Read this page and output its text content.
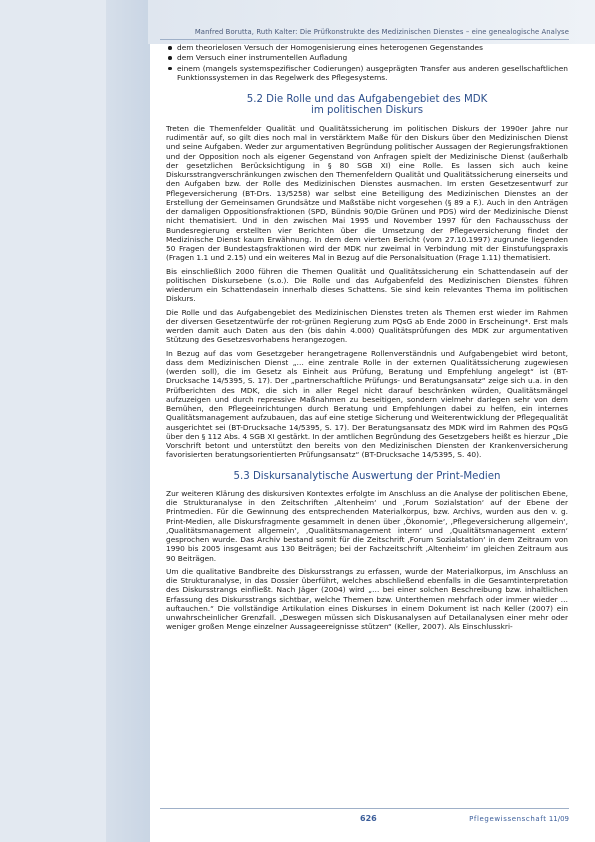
Manfred Borutta, Ruth Kalter: Die Prüfkonstrukte des Medizinischen Dienstes – eine genealogische Analyse
dem theorielosen Versuch der Homogenisierung eines heterogenen Gegenstandes
dem Versuch einer instrumentellen Aufladung
einem (mangels systemspezifischer Codierungen) ausgeprägten Transfer aus anderen gesellschaftlichen Funktionssystemen in das Regelwerk des Pflegesystems.
5.2 Die Rolle und das Aufgabengebiet des MDK
im politischen Diskurs

Treten die Themenfelder Qualität und Qualitätssicherung im politischen Diskurs der 1990er Jahre nur rudimentär auf, so gilt dies noch mal in verstärktem Maße für den Diskurs über den Medizinischen Dienst und seine Aufgaben. Weder zur argumentativen Begründung politischer Aussagen der Regierungsfraktionen und der Opposition noch als eigener Gegenstand von Anfragen spielt der Medizinische Dienst (außerhalb der gesetzlichen Berücksichtigung in § 80 SGB XI) eine Rolle. Es lassen sich auch keine Diskursstrangverschränkungen zwischen den Themenfeldern Qualität und Qualitätssicherung einerseits und den Aufgaben bzw. der Rolle des Medizinischen Dienstes ausmachen. Im ersten Gesetzesentwurf zur Pflegeversicherung (BT-Drs. 13/5258) war selbst eine Beteiligung des Medizinischen Dienstes an der Erstellung der Gemeinsamen Grundsätze und Maßstäbe nicht vorgesehen (§ 89 a F.). Auch in den Anträgen der damaligen Oppositionsfraktionen (SPD, Bündnis 90/Die Grünen und PDS) wird der Medizinische Dienst nicht thematisiert. Und in den zwischen Mai 1995 und November 1997 für den Fachausschuss der Bundesregierung erstellten vier Berichten über die Umsetzung der Pflegeversicherung findet der Medizinische Dienst kaum Erwähnung. In dem dem vierten Bericht (vom 27.10.1997) zugrunde liegenden 50 Fragen der Bundestagsfraktionen wird der MDK nur zweimal in Verbindung mit der Einstufungspraxis (Fragen 1.1 und 2.15) und ein weiteres Mal in Bezug auf die Personalsituation (Frage 1.11) thematisiert.

Bis einschließlich 2000 führen die Themen Qualität und Qualitätssicherung ein Schattendasein auf der politischen Diskursebene (s.o.). Die Rolle und das Aufgabenfeld des Medizinischen Dienstes führen wiederum ein Schattendasein innerhalb dieses Schattens. Sie sind kein relevantes Thema im politischen Diskurs.

Die Rolle und das Aufgabengebiet des Medizinischen Dienstes treten als Themen erst wieder im Rahmen der diversen Gesetzentwürfe der rot-grünen Regierung zum PQsG ab Ende 2000 in Erscheinung*. Erst mals werden damit auch Daten aus den (bis dahin 4.000) Qualitätsprüfungen des MDK zur argumentativen Stützung des Gesetzesvorhabens herangezogen.

In Bezug auf das vom Gesetzgeber herangetragene Rollenverständnis und Aufgabengebiet wird betont, dass dem Medizinischen Dienst „… eine zentrale Rolle in der externen Qualitätssicherung zugewiesen (werden soll), die im Gesetz als Einheit aus Prüfung, Beratung und Empfehlung angelegt“ ist (BT-Drucksache 14/5395, S. 17). Der „partnerschaftliche Prüfungs- und Beratungsansatz“ zeige sich u.a. in den Prüfberichten des MDK, die sich in aller Regel nicht darauf beschränken würden, Qualitätsmängel aufzuzeigen und durch repressive Maßnahmen zu beseitigen, sondern vielmehr darlegen sehr von dem Bemühen, den Pflegeeinrichtungen durch Beratung und Empfehlungen dabei zu helfen, ein internes Qualitätsmanagement aufzubauen, das auf eine stetige Sicherung und Weiterentwicklung der Pflegequalität ausgerichtet sei (BT-Drucksache 14/5395, S. 17). Der Beratungsansatz des MDK wird im Rahmen des PQsG über den § 112 Abs. 4 SGB XI gestärkt. In der amtlichen Begründung des Gesetzgebers heißt es hierzur „Die Vorschrift betont und unterstützt den bereits von den Medizinischen Diensten der Krankenversicherung favorisierten beratungsorientierten Prüfungsansatz“ (BT-Drucksache 14/5395, S. 40).

5.3 Diskursanalytische Auswertung der Print-Medien

Zur weiteren Klärung des diskursiven Kontextes erfolgte im Anschluss an die Analyse der politischen Ebene, die Strukturanalyse in den Zeitschriften ‚Altenheim‘ und ‚Forum Sozialstation‘ auf der Ebene der Printmedien. Für die Gewinnung des entsprechenden Materialkorpus, bzw. Archivs, wurden aus den v. g. Print-Medien, alle Diskursfragmente gesammelt in denen über ‚Ökonomie‘, ‚Pflegeversicherung allgemein‘, ‚Qualitätsmanagement allgemein‘, ‚Qualitätsmanagement intern‘ und ‚Qualitätsmanagement extern‘ gesprochen wurde. Das Archiv bestand somit für die Zeitschrift ‚Forum Sozialstation‘ in dem Zeitraum von 1990 bis 2005 insgesamt aus 130 Beiträgen; bei der Fachzeitschrift ‚Altenheim‘ im gleichen Zeitraum aus 90 Beiträgen.

Um die qualitative Bandbreite des Diskursstrangs zu erfassen, wurde der Materialkorpus, im Anschluss an die Strukturanalyse, in das Dossier überführt, welches abschließend ebenfalls in die Gesamtinterpretation des Diskursstrangs einfließt. Nach Jäger (2004) wird „… bei einer solchen Beschreibung bzw. inhaltlichen Erfassung des Diskursstrangs sichtbar, welche Themen bzw. Unterthemen mehrfach oder immer wieder … auftauchen.“ Die vollständige Artikulation eines Diskurses in einem Dokument ist nach Keller (2007) ein unwahrscheinlicher Grenzfall. „Deswegen müssen sich Diskusanalysen auf Detailanalysen einer mehr oder weniger großen Menge einzelner Aussageereignisse stützen“ (Keller, 2007). Als Einschlusskri-

626	Pflegewissenschaft 11/09
